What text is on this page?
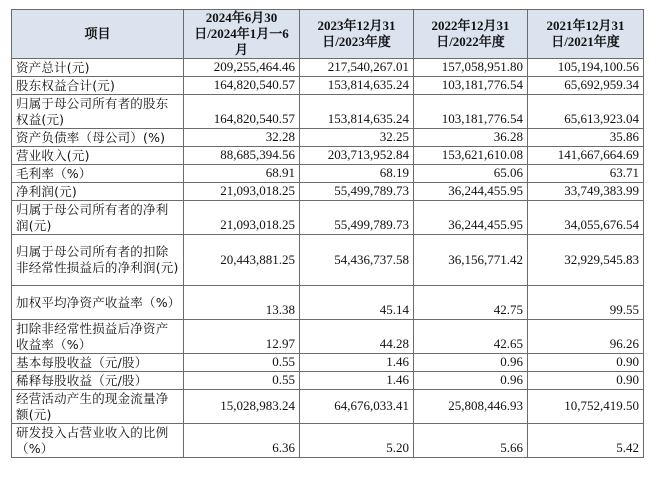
项目	2024年6月30日/2024年1月一6月	2023年12月31日/2023年度	2022年12月31日/2022年度	2021年12月31日/2021年度
资产总计(元)	209,255,464.46	217,540,267.01	157,058,951.80	105,194,100.56
股东权益合计(元)	164,820,540.57	153,814,635.24	103,181,776.54	65,692,959.34
归属于母公司所有者的股东权益(元)	164,820,540.57	153,814,635.24	103,181,776.54	65,613,923.04
资产负债率（母公司）(%)	32.28	32.25	36.28	35.86
营业收入(元)	88,685,394.56	203,713,952.84	153,621,610.08	141,667,664.69
毛利率（%）	68.91	68.19	65.06	63.71
净利润(元)	21,093,018.25	55,499,789.73	36,244,455.95	33,749,383.99
归属于母公司所有者的净利润(元)	21,093,018.25	55,499,789.73	36,244,455.95	34,055,676.54
归属于母公司所有者的扣除非经常性损益后的净利润(元)	20,443,881.25	54,436,737.58	36,156,771.42	32,929,545.83
加权平均净资产收益率（%）	13.38	45.14	42.75	99.55
扣除非经常性损益后净资产收益率（%）	12.97	44.28	42.65	96.26
基本每股收益（元/股）	0.55	1.46	0.96	0.90
稀释每股收益（元/股）	0.55	1.46	0.96	0.90
经营活动产生的现金流量净额(元)	15,028,983.24	64,676,033.41	25,808,446.93	10,752,419.50
研发投入占营业收入的比例（%）	6.36	5.20	5.66	5.42
